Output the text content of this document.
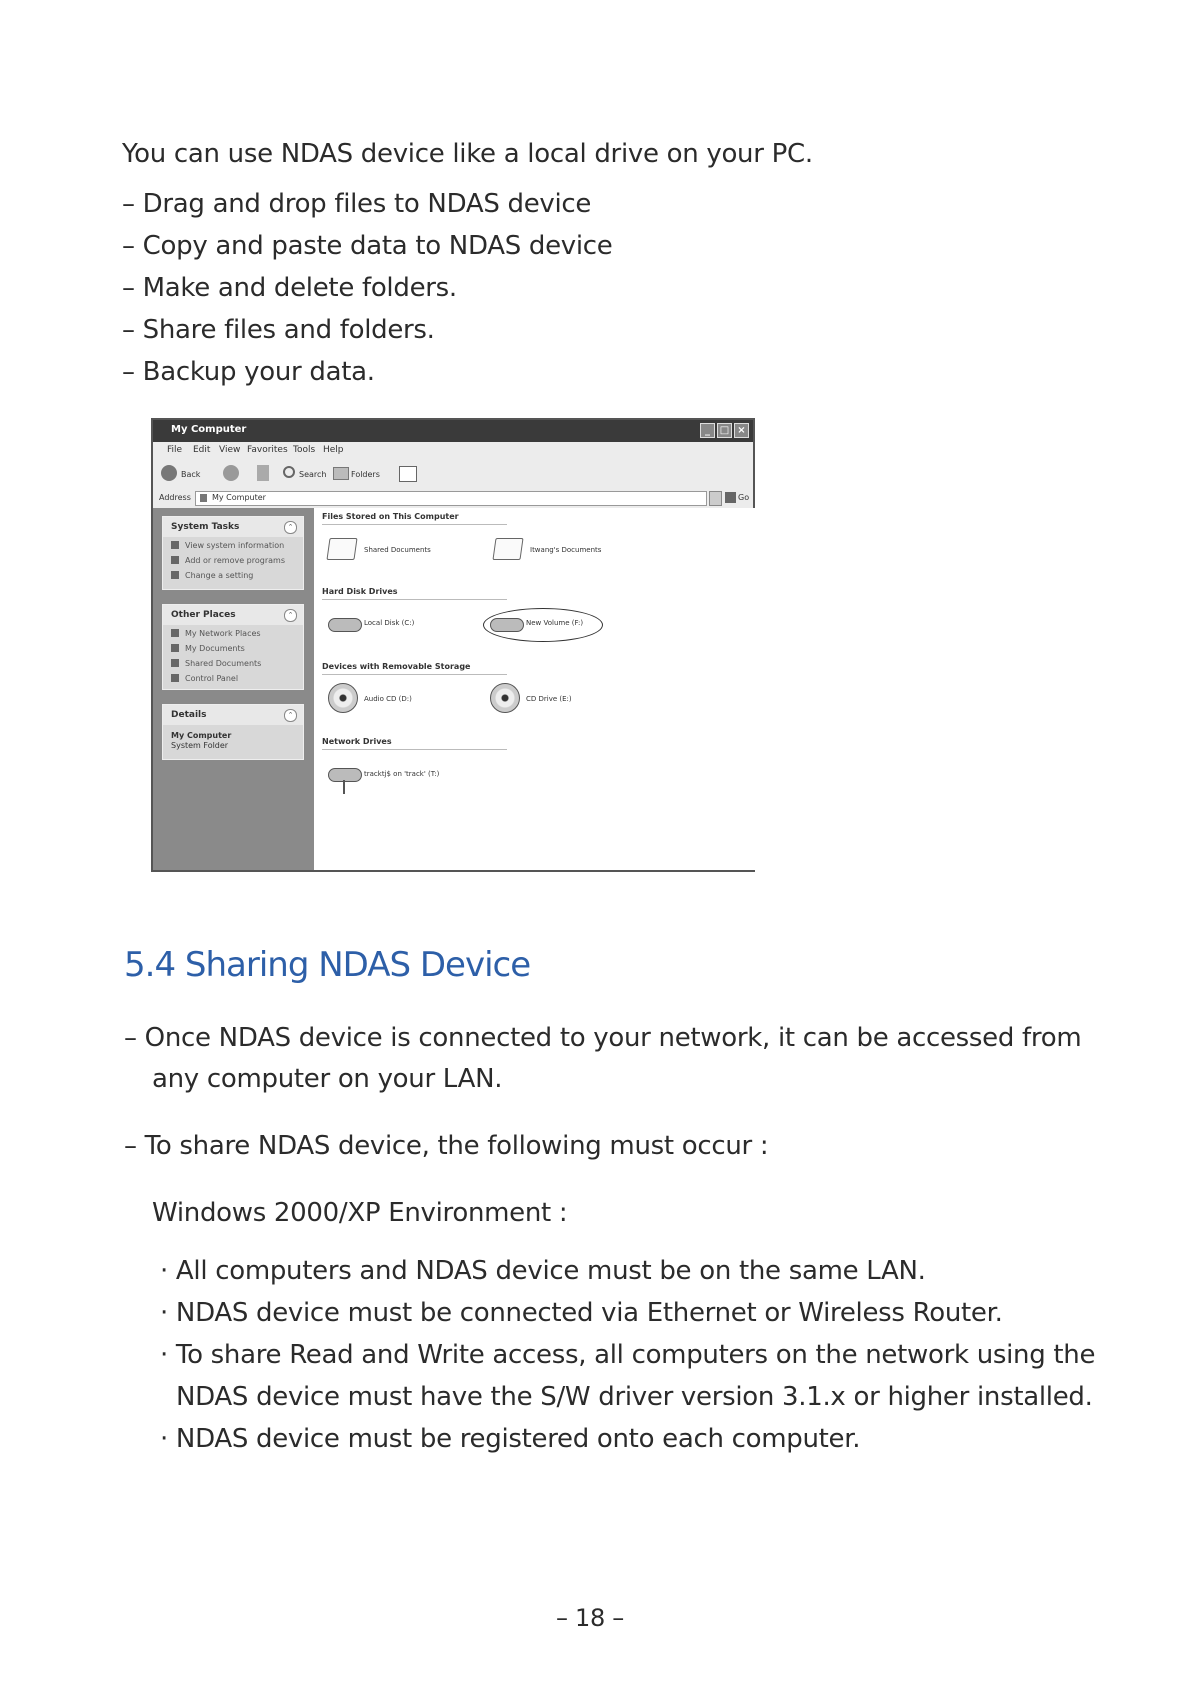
You can use NDAS device like a local drive on your PC.
– Drag and drop files to NDAS device
– Copy and paste data to NDAS device
– Make and delete folders.
– Share files and folders.
– Backup your data.
My Computer	_ □ ×
File Edit View Favorites Tools Help
Back	Search	Folders
Address	My Computer	Go
System Tasks	⌃
View system information
Add or remove programs
Change a setting
Other Places	⌃
My Network Places
My Documents
Shared Documents
Control Panel
Details	⌃
My Computer
System Folder
Files Stored on This Computer
Shared Documents	Itwang's Documents
Hard Disk Drives
Local Disk (C:)	New Volume (F:)
Devices with Removable Storage
Audio CD (D:)	CD Drive (E:)
Network Drives
tracktj$ on 'track' (T:)
5.4 Sharing NDAS Device
– Once NDAS device is connected to your network, it can be accessed from
any computer on your LAN.
– To share NDAS device, the following must occur :
Windows 2000/XP Environment :
· All computers and NDAS device must be on the same LAN.
· NDAS device must be connected via Ethernet or Wireless Router.
· To share Read and Write access, all computers on the network using the
NDAS device must have the S/W driver version 3.1.x or higher installed.
· NDAS device must be registered onto each computer.
– 18 –
